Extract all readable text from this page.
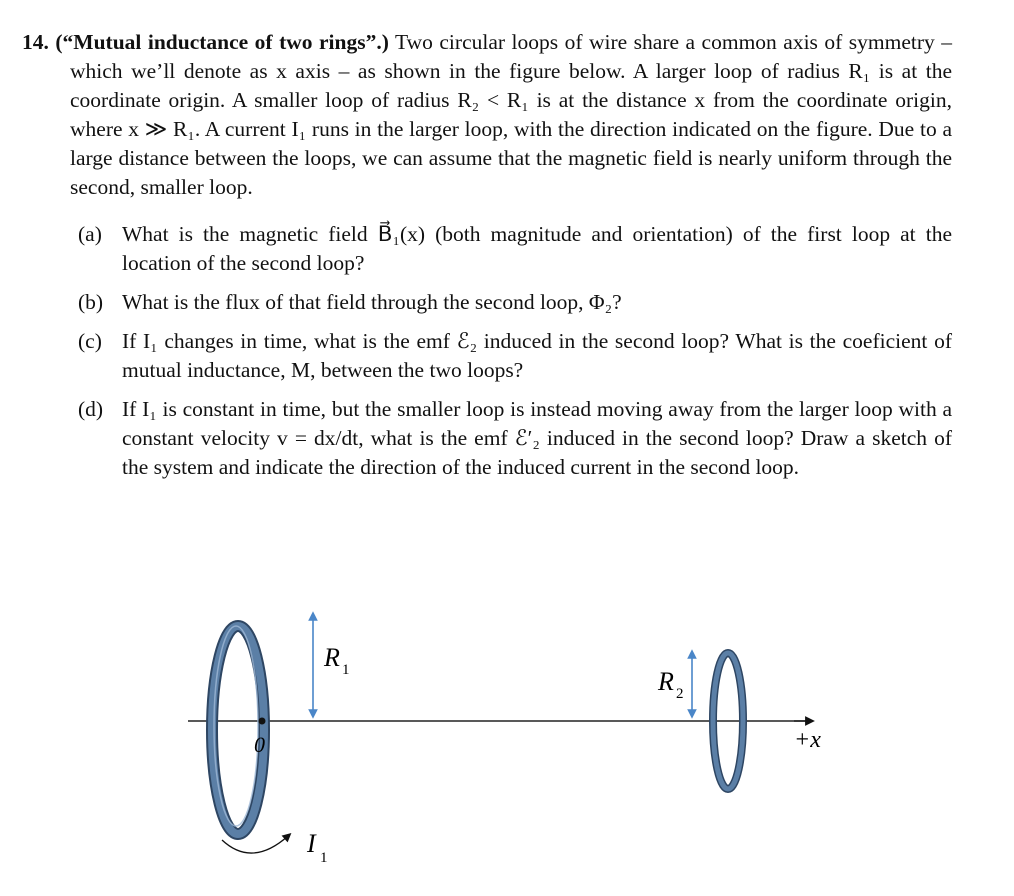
14. (“Mutual inductance of two rings”.) Two circular loops of wire share a common axis of symmetry – which we’ll denote as x axis – as shown in the figure below. A larger loop of radius R₁ is at the coordinate origin. A smaller loop of radius R₂ < R₁ is at the distance x from the coordinate origin, where x ≫ R₁. A current I₁ runs in the larger loop, with the direction indicated on the figure. Due to a large distance between the loops, we can assume that the magnetic field is nearly uniform through the second, smaller loop.
(a) What is the magnetic field B⃗₁(x) (both magnitude and orientation) of the first loop at the location of the second loop?
(b) What is the flux of that field through the second loop, Φ₂?
(c) If I₁ changes in time, what is the emf ℰ₂ induced in the second loop? What is the coeficient of mutual inductance, M, between the two loops?
(d) If I₁ is constant in time, but the smaller loop is instead moving away from the larger loop with a constant velocity v = dx/dt, what is the emf ℰ′₂ induced in the second loop? Draw a sketch of the system and indicate the direction of the induced current in the second loop.
0
R 1
I 1
R 2
+x
